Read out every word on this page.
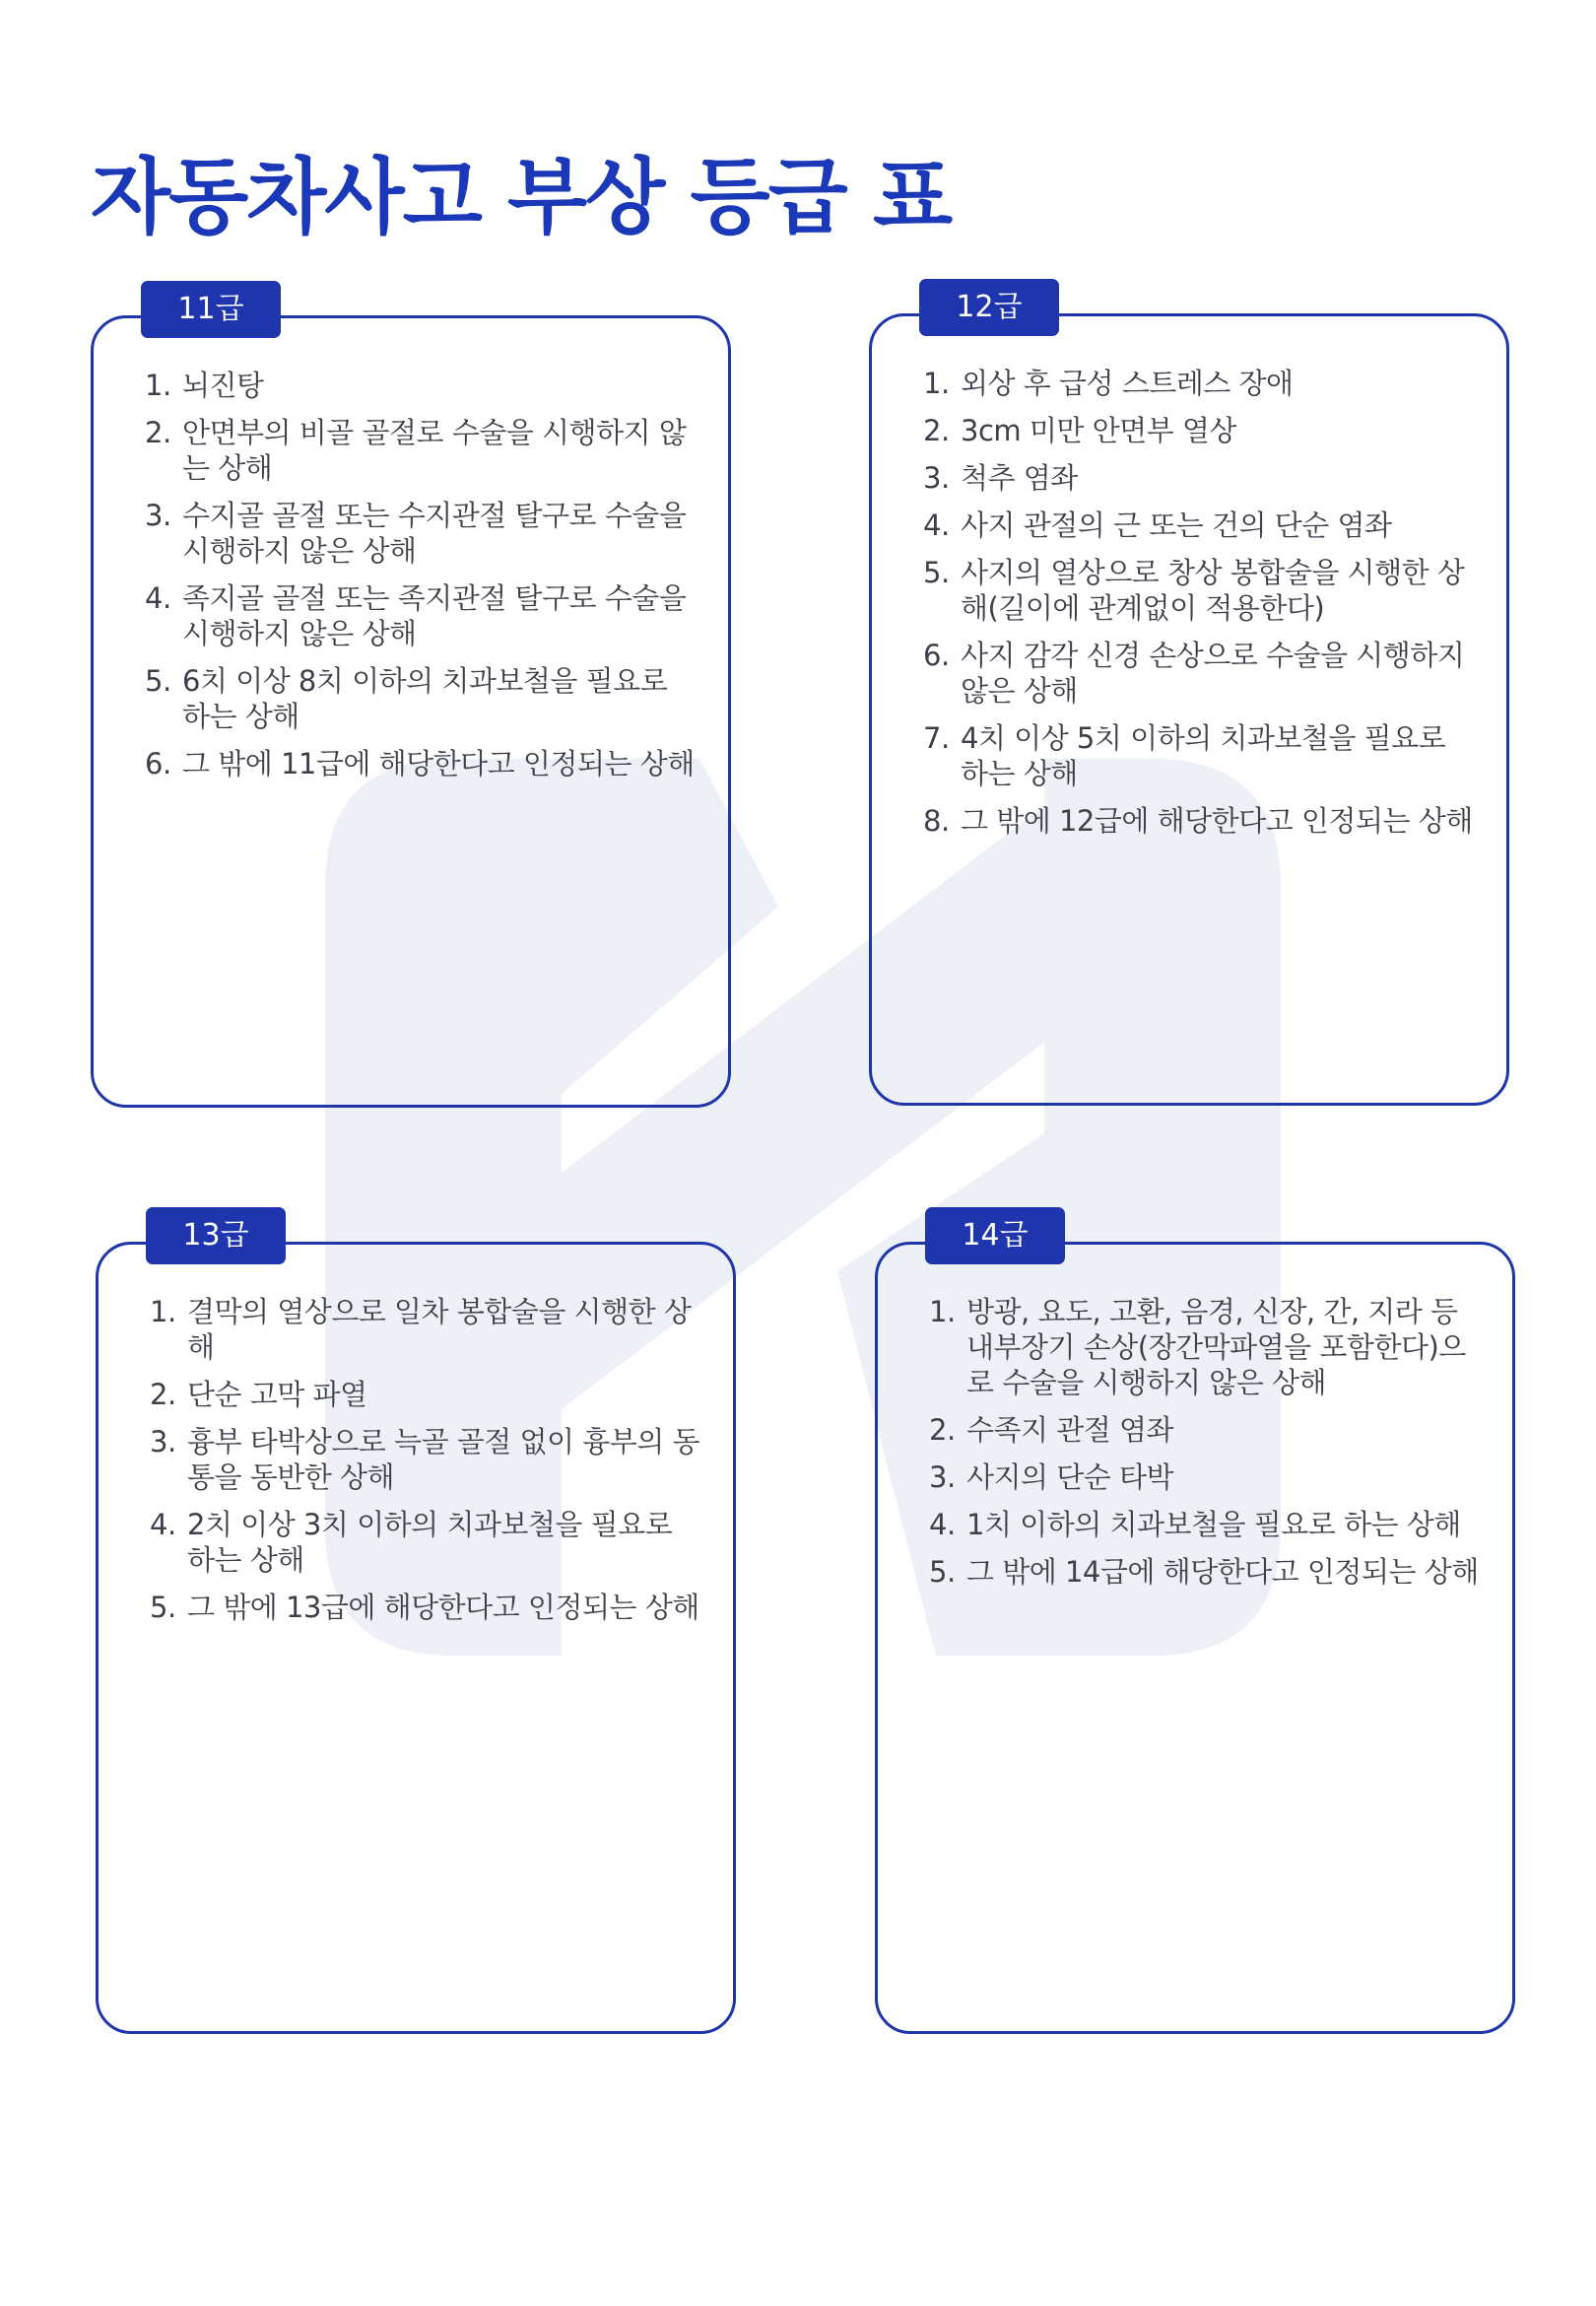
자동차사고 부상 등급 표
11급
1. 뇌진탕
2. 안면부의 비골 골절로 수술을 시행하지 않는 상해
3. 수지골 골절 또는 수지관절 탈구로 수술을 시행하지 않은 상해
4. 족지골 골절 또는 족지관절 탈구로 수술을 시행하지 않은 상해
5. 6치 이상 8치 이하의 치과보철을 필요로 하는 상해
6. 그 밖에 11급에 해당한다고 인정되는 상해
12급
1. 외상 후 급성 스트레스 장애
2. 3cm 미만 안면부 열상
3. 척추 염좌
4. 사지 관절의 근 또는 건의 단순 염좌
5. 사지의 열상으로 창상 봉합술을 시행한 상해(길이에 관계없이 적용한다)
6. 사지 감각 신경 손상으로 수술을 시행하지 않은 상해
7. 4치 이상 5치 이하의 치과보철을 필요로 하는 상해
8. 그 밖에 12급에 해당한다고 인정되는 상해
13급
1. 결막의 열상으로 일차 봉합술을 시행한 상해
2. 단순 고막 파열
3. 흉부 타박상으로 늑골 골절 없이 흉부의 동통을 동반한 상해
4. 2치 이상 3치 이하의 치과보철을 필요로 하는 상해
5. 그 밖에 13급에 해당한다고 인정되는 상해
14급
1. 방광, 요도, 고환, 음경, 신장, 간, 지라 등 내부장기 손상(장간막파열을 포함한다)으 로 수술을 시행하지 않은 상해
2. 수족지 관절 염좌
3. 사지의 단순 타박
4. 1치 이하의 치과보철을 필요로 하는 상해
5. 그 밖에 14급에 해당한다고 인정되는 상해
